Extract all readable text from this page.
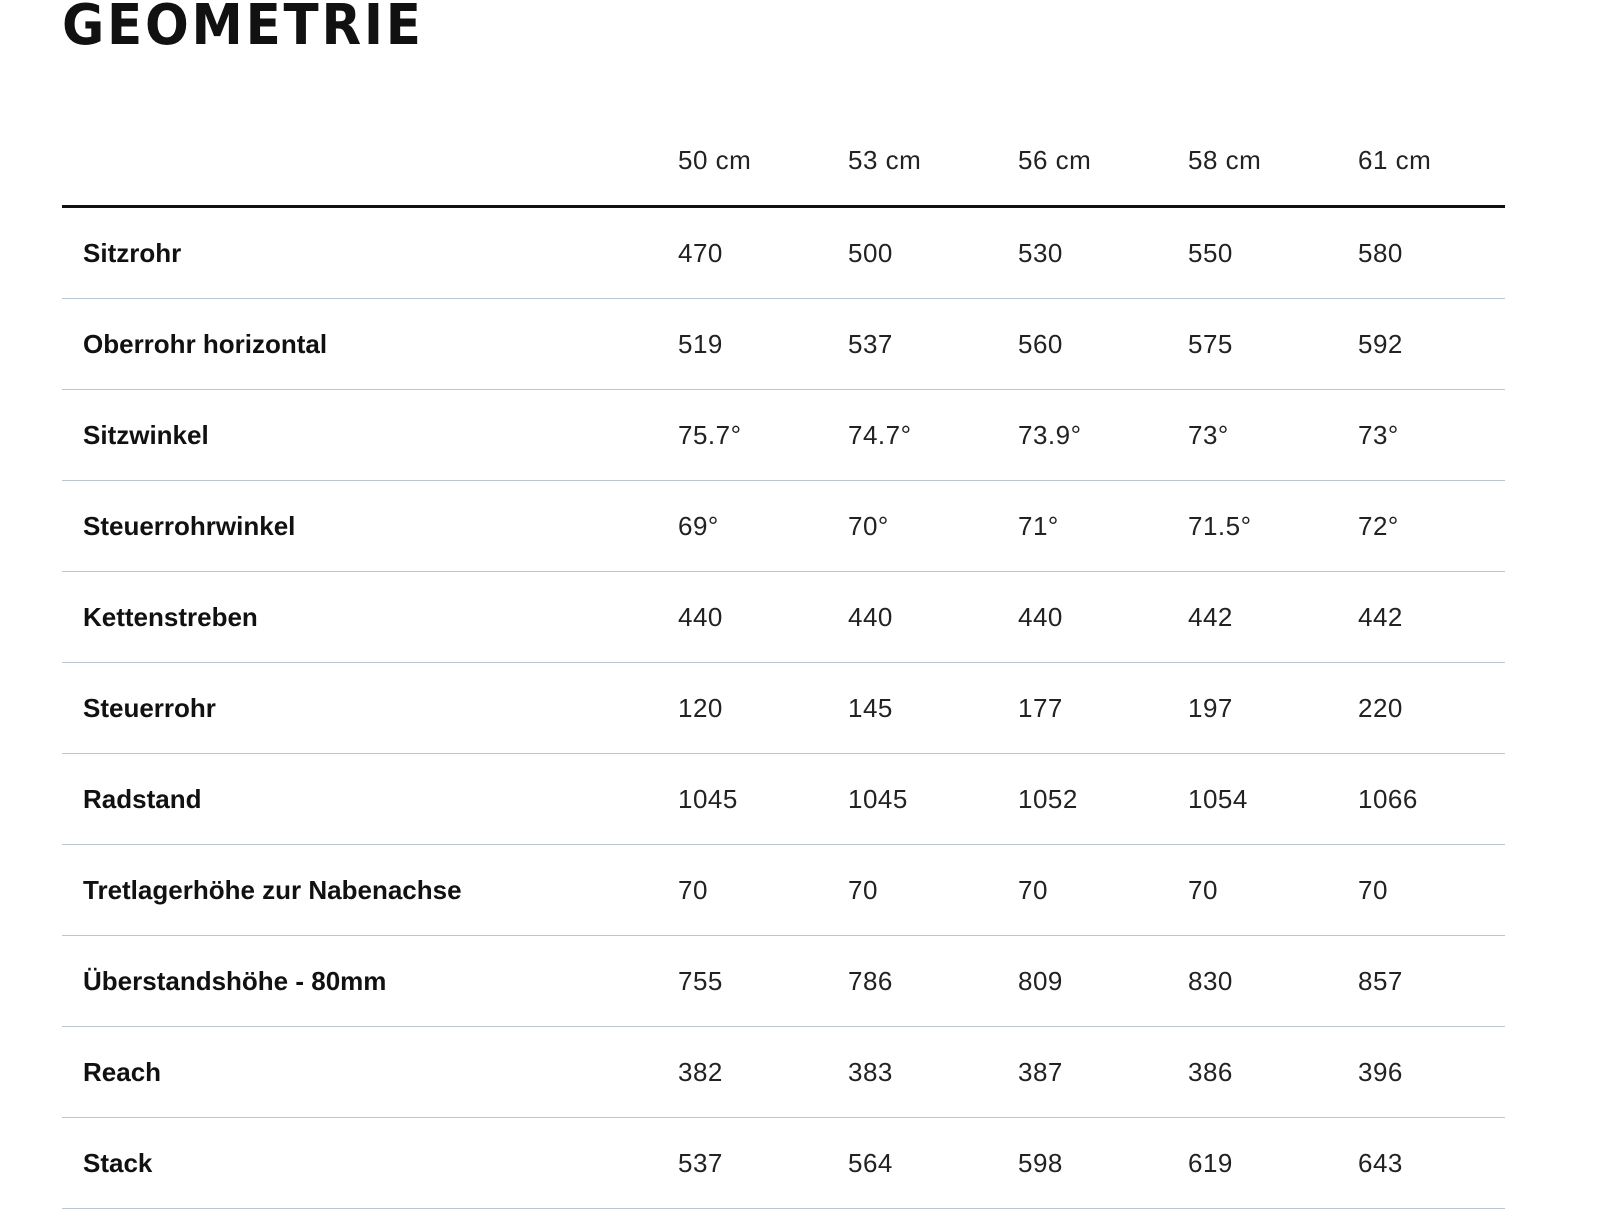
GEOMETRIE
	50 cm	53 cm	56 cm	58 cm	61 cm
Sitzrohr	470	500	530	550	580
Oberrohr horizontal	519	537	560	575	592
Sitzwinkel	75.7°	74.7°	73.9°	73°	73°
Steuerrohrwinkel	69°	70°	71°	71.5°	72°
Kettenstreben	440	440	440	442	442
Steuerrohr	120	145	177	197	220
Radstand	1045	1045	1052	1054	1066
Tretlagerhöhe zur Nabenachse	70	70	70	70	70
Überstandshöhe - 80mm	755	786	809	830	857
Reach	382	383	387	386	396
Stack	537	564	598	619	643
